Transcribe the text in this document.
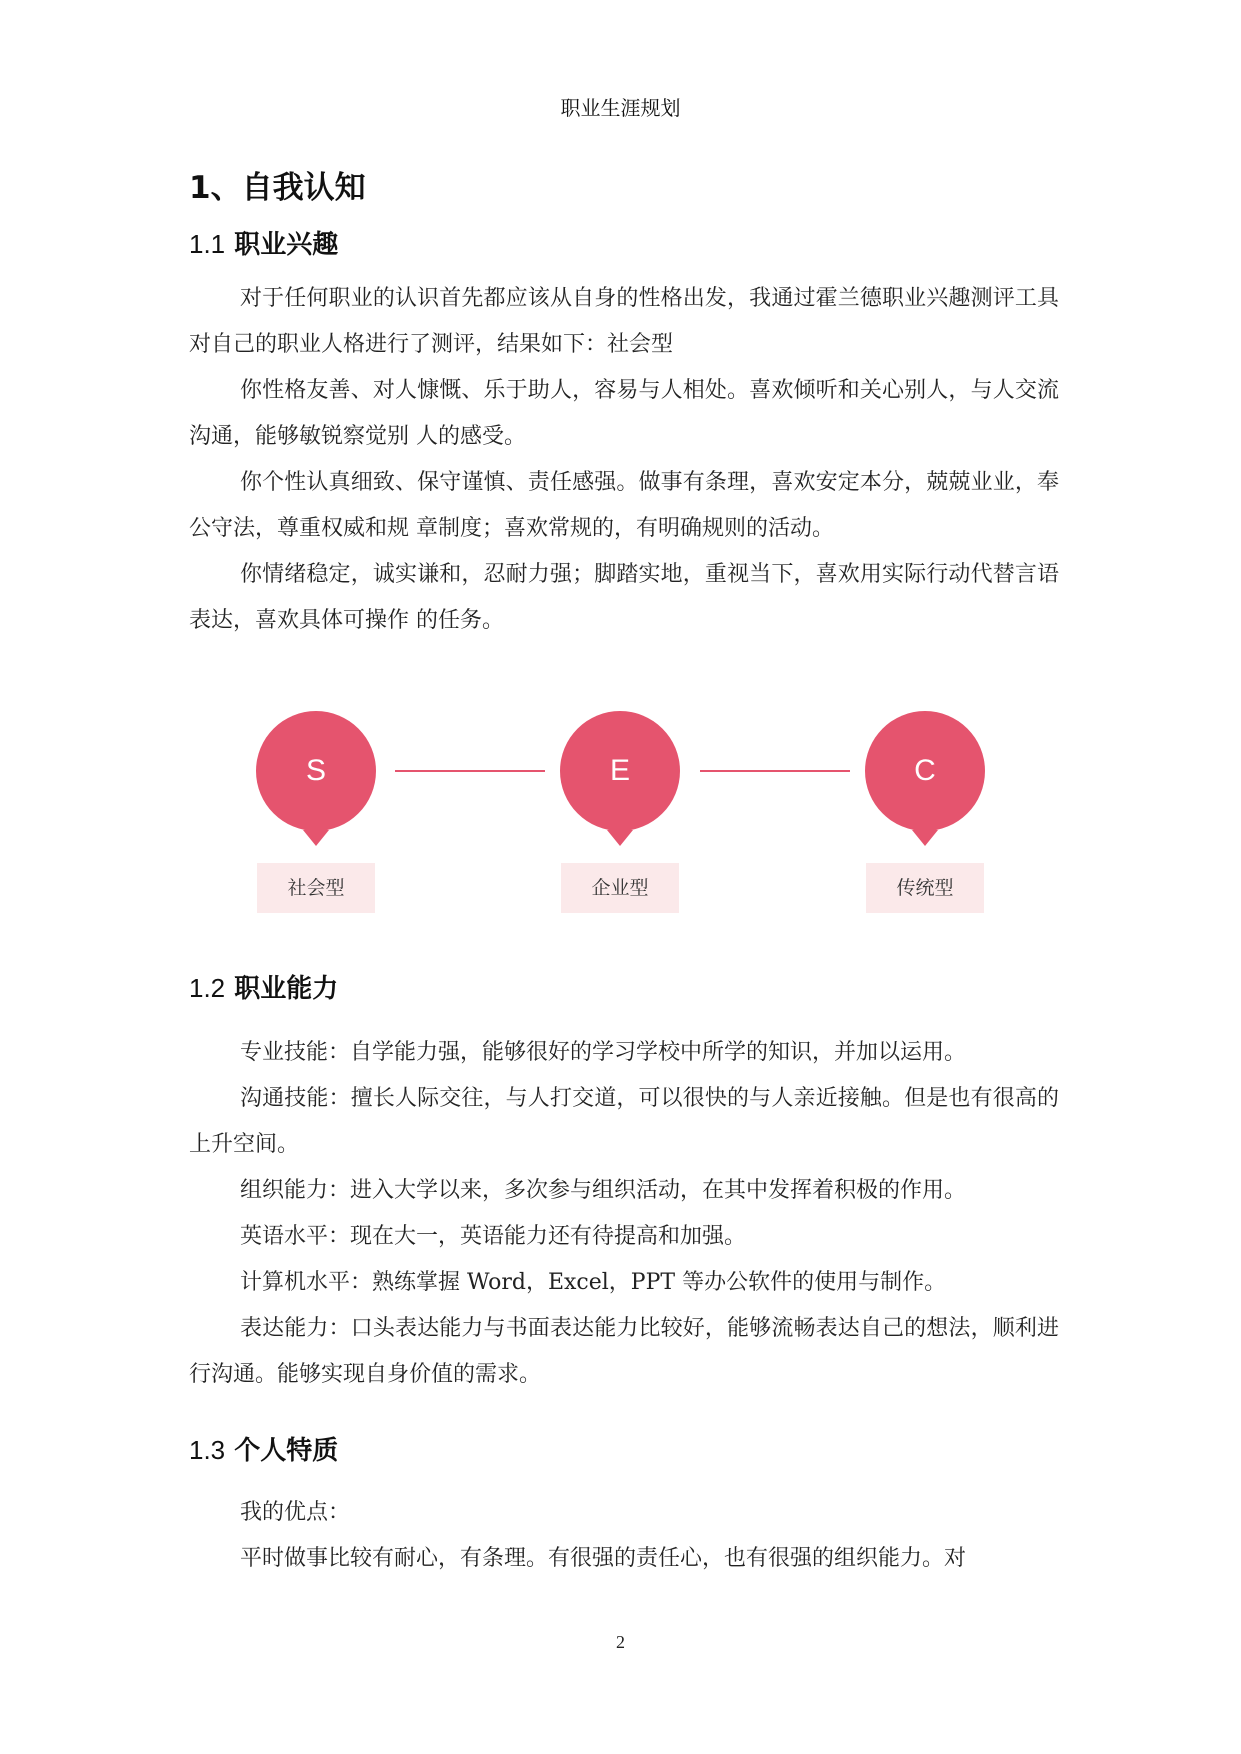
职业生涯规划
1、自我认知
1.1 职业兴趣

对于任何职业的认识首先都应该从自身的性格出发，我通过霍兰德职业兴趣测评工具对自己的职业人格进行了测评，结果如下：社会型

你性格友善、对人慷慨、乐于助人，容易与人相处。喜欢倾听和关心别人，与人交流沟通，能够敏锐察觉别 人的感受。

你个性认真细致、保守谨慎、责任感强。做事有条理，喜欢安定本分，兢兢业业，奉公守法，尊重权威和规 章制度；喜欢常规的，有明确规则的活动。

你情绪稳定，诚实谦和，忍耐力强；脚踏实地，重视当下，喜欢用实际行动代替言语表达，喜欢具体可操作 的任务。

S
社会型
E
企业型
C
传统型
1.2 职业能力

专业技能：自学能力强，能够很好的学习学校中所学的知识，并加以运用。

沟通技能：擅长人际交往，与人打交道，可以很快的与人亲近接触。但是也有很高的上升空间。

组织能力：进入大学以来，多次参与组织活动，在其中发挥着积极的作用。

英语水平：现在大一，英语能力还有待提高和加强。

计算机水平：熟练掌握 Word，Excel，PPT 等办公软件的使用与制作。

表达能力：口头表达能力与书面表达能力比较好，能够流畅表达自己的想法，顺利进行沟通。能够实现自身价值的需求。

1.3 个人特质

我的优点：

平时做事比较有耐心，有条理。有很强的责任心，也有很强的组织能力。对

2
